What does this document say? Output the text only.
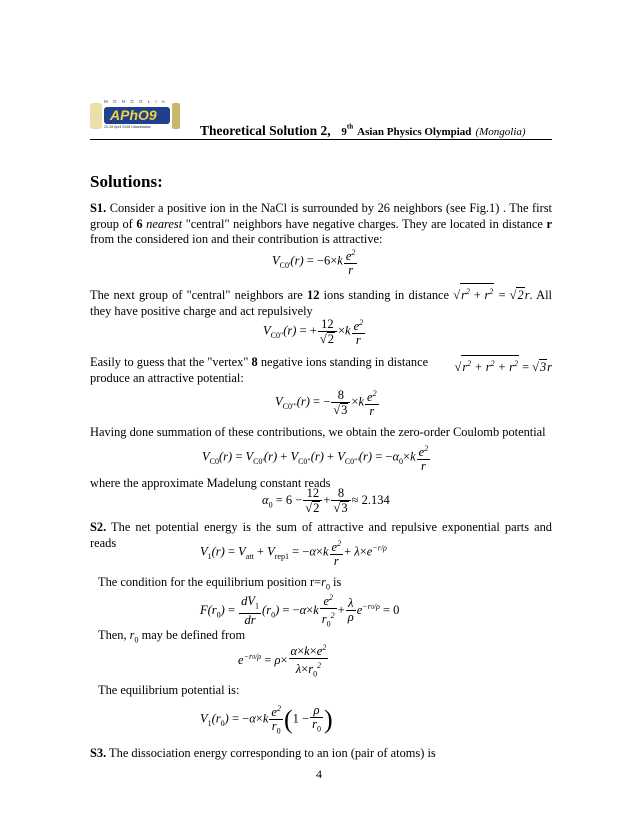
M O N G O L I A
APhO9
20-28 April 2008 Ulaanbaatar	Theoretical Solution 2, 9th Asian Physics Olympiad (Mongolia)
Solutions:
S1. Consider a positive ion in the NaCl is surrounded by 26 neighbors (see Fig.1) . The first group of 6 nearest "central" neighbors have negative charges. They are located in distance r from the considered ion and their contribution is attractive:
$V_{C0'}(r) = -6\times k \frac{e^2}{r}$
The next group of "central" neighbors are 12 ions standing in distance $√r^2 + r^2 = √2r$. All they have positive charge and act repulsively
$V_{C0"}(r)$ = + $\frac{12}{√2} \times k \frac{e^2}{r}$
Easily to guess that the "vertex" 8 negative ions standing in distance $√r^2 + r^2 + r^2 = √3r$

produce an attractive potential:
$V_{C0"'}(r)$ = − $\frac{8}{√3} \times k \frac{e^2}{r}$
Having done summation of these contributions, we obtain the zero-order Coulomb potential
$V_{C0}(r) = V_{C0'}(r) + V_{C0"}(r) + V_{C0"'}(r) = -\alpha_0\times k \frac{e^2}{r}$
where the approximate Madelung constant reads
$\alpha_0 = 6 - \frac{12}{√2} + \frac{8}{√3} \approx 2.134$
S2. The net potential energy is the sum of attractive and repulsive exponential parts and reads
$V_1(r) = V_{att} + V_{rep1} = -\alpha\times k \frac{e^2}{r} + \lambda\times e^{-r/\rho}$
The condition for the equilibrium position $r=r_0$ is
$F(r_0) = \frac{dV_1}{dr} (r_0) = -\alpha\times k \frac{e^2}{r_0^2} + \frac{\lambda}{\rho} e^{-r0/\rho} = 0$
Then, $r_0$ may be defined from
$e^{-r0/\rho} = \rho\times \frac{\alpha\times k\times e^2}{\lambda\times r_0^2}$
The equilibrium potential is:
$V_1(r_0) = -\alpha\times k \frac{e^2}{r_0} (1 - \frac{\rho}{r_0}$ )
S3. The dissociation energy corresponding to an ion (pair of atoms) is
4
